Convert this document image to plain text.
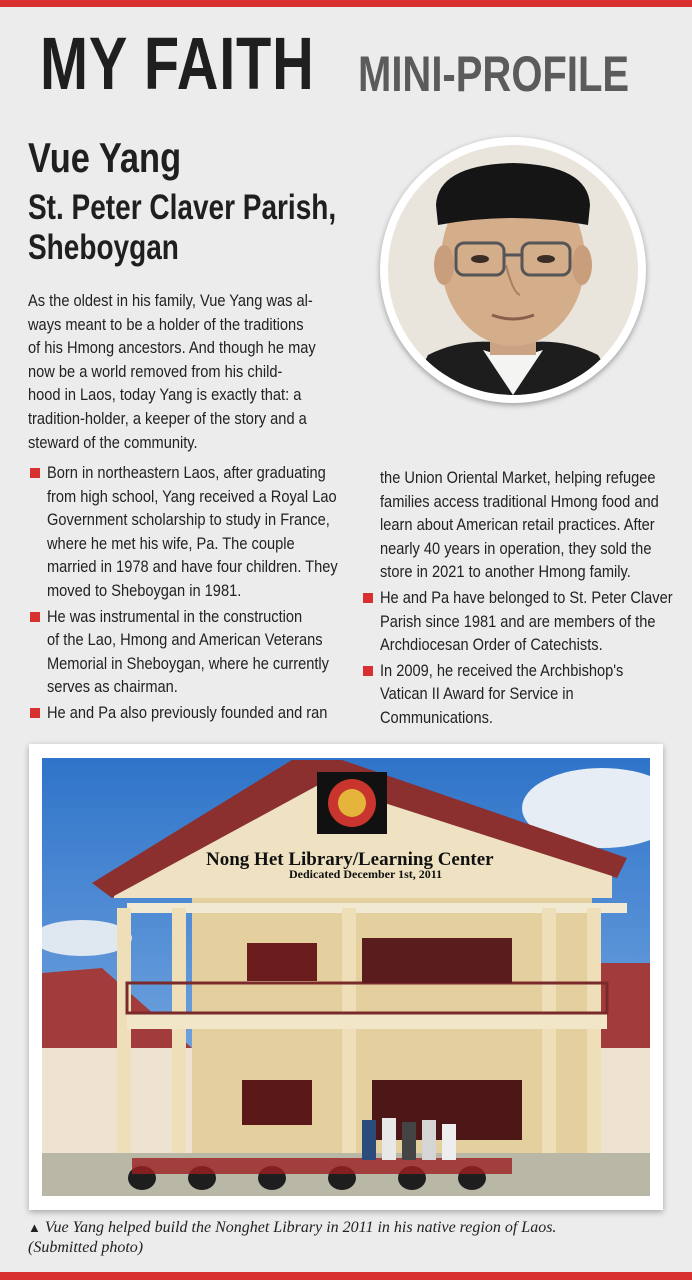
MY FAITH MINI-PROFILE
Vue Yang
St. Peter Claver Parish,
Sheboygan
As the oldest in his family, Vue Yang was al-
ways meant to be a holder of the traditions
of his Hmong ancestors. And though he may
now be a world removed from his child-
hood in Laos, today Yang is exactly that: a
tradition-holder, a keeper of the story and a
steward of the community.
Born in northeastern Laos, after graduating
from high school, Yang received a Royal Lao
Government scholarship to study in France,
where he met his wife, Pa. The couple
married in 1978 and have four children. They
moved to Sheboygan in 1981.
He was instrumental in the construction
of the Lao, Hmong and American Veterans
Memorial in Sheboygan, where he currently
serves as chairman.
He and Pa also previously founded and ran
the Union Oriental Market, helping refugee
families access traditional Hmong food and
learn about American retail practices. After
nearly 40 years in operation, they sold the
store in 2021 to another Hmong family.
He and Pa have belonged to St. Peter Claver
Parish since 1981 and are members of the
Archdiocesan Order of Catechists.
In 2009, he received the Archbishop's
Vatican II Award for Service in
Communications.
Nong Het Library/Learning Center
Dedicated December 1st, 2011
▲ Vue Yang helped build the Nonghet Library in 2011 in his native region of Laos.
(Submitted photo)
